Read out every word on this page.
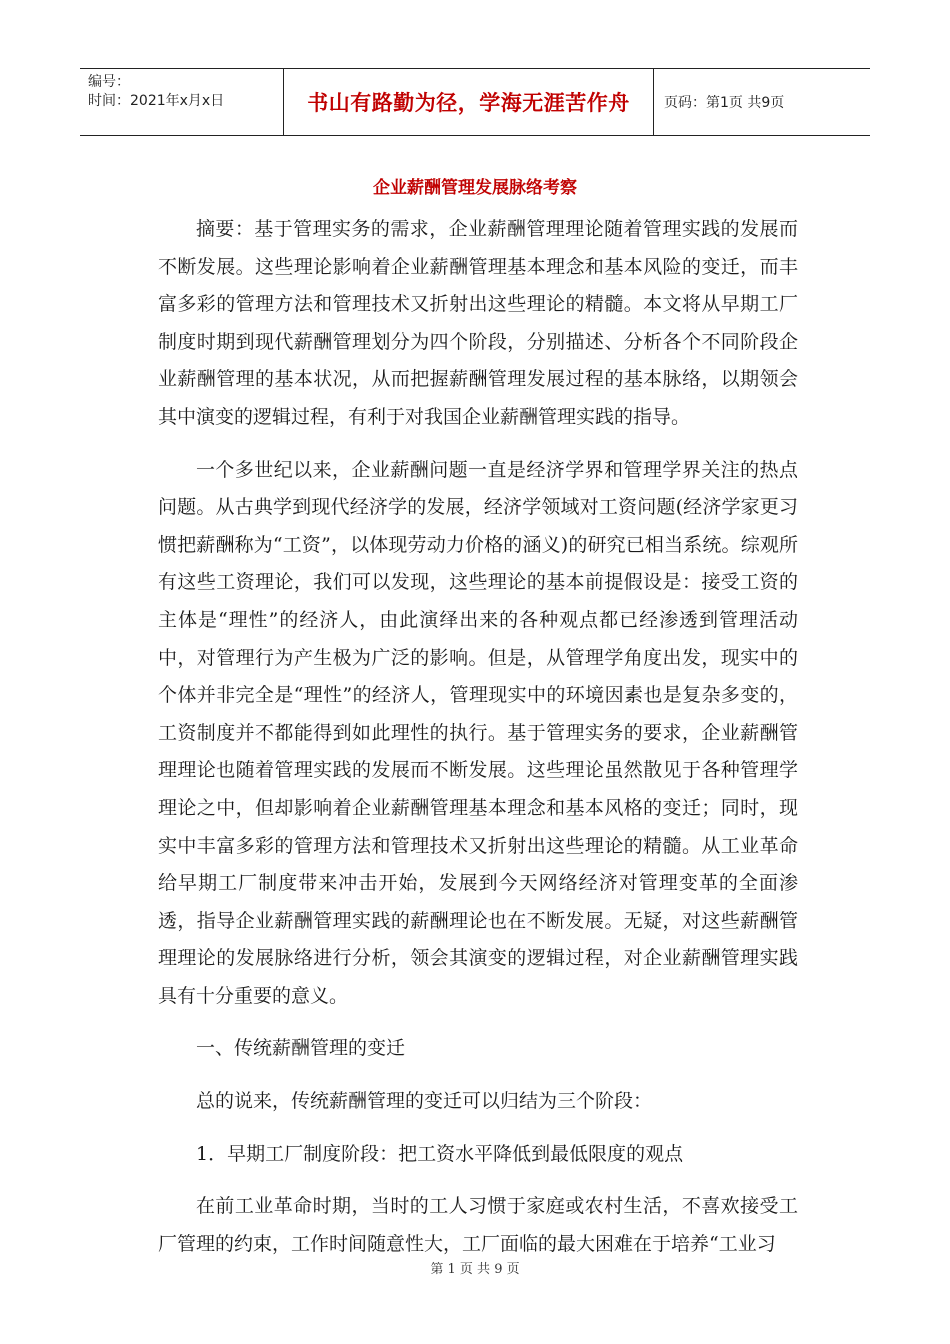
编号：
时间：2021年x月x日	书山有路勤为径，学海无涯苦作舟	页码：第1页 共9页
企业薪酬管理发展脉络考察

摘要：基于管理实务的需求，企业薪酬管理理论随着管理实践的发展而不断发展。这些理论影响着企业薪酬管理基本理念和基本风险的变迁，而丰富多彩的管理方法和管理技术又折射出这些理论的精髓。本文将从早期工厂制度时期到现代薪酬管理划分为四个阶段，分别描述、分析各个不同阶段企业薪酬管理的基本状况，从而把握薪酬管理发展过程的基本脉络，以期领会其中演变的逻辑过程，有利于对我国企业薪酬管理实践的指导。

一个多世纪以来，企业薪酬问题一直是经济学界和管理学界关注的热点问题。从古典学到现代经济学的发展，经济学领域对工资问题(经济学家更习惯把薪酬称为“工资”，以体现劳动力价格的涵义)的研究已相当系统。综观所有这些工资理论，我们可以发现，这些理论的基本前提假设是：接受工资的主体是“理性”的经济人，由此演绎出来的各种观点都已经渗透到管理活动中，对管理行为产生极为广泛的影响。但是，从管理学角度出发，现实中的个体并非完全是“理性”的经济人，管理现实中的环境因素也是复杂多变的，工资制度并不都能得到如此理性的执行。基于管理实务的要求，企业薪酬管理理论也随着管理实践的发展而不断发展。这些理论虽然散见于各种管理学理论之中，但却影响着企业薪酬管理基本理念和基本风格的变迁；同时，现实中丰富多彩的管理方法和管理技术又折射出这些理论的精髓。从工业革命给早期工厂制度带来冲击开始，发展到今天网络经济对管理变革的全面渗透，指导企业薪酬管理实践的薪酬理论也在不断发展。无疑，对这些薪酬管理理论的发展脉络进行分析，领会其演变的逻辑过程，对企业薪酬管理实践具有十分重要的意义。

一、传统薪酬管理的变迁

总的说来，传统薪酬管理的变迁可以归结为三个阶段：

1．早期工厂制度阶段：把工资水平降低到最低限度的观点

在前工业革命时期，当时的工人习惯于家庭或农村生活，不喜欢接受工厂管理的约束，工作时间随意性大，工厂面临的最大困难在于培养“工业习

第 1 页 共 9 页
